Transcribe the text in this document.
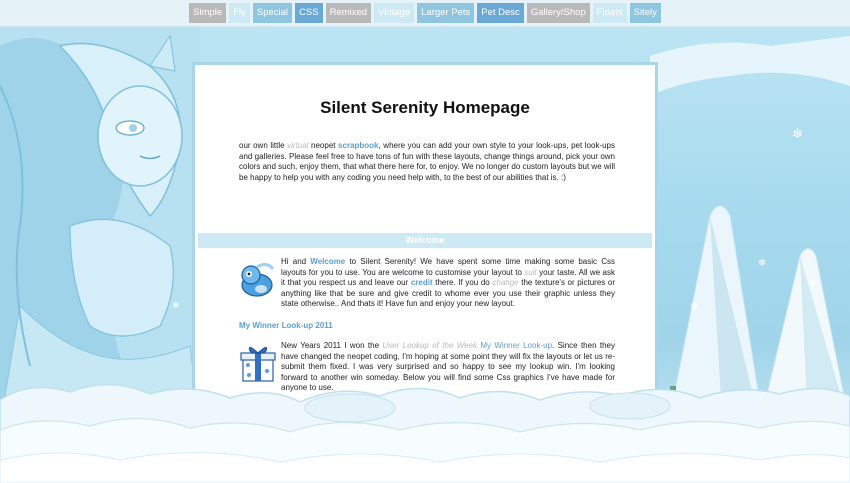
Simple	Fly	Special	CSS	Remixed	Vintage	Larger Pets	Pet Desc	Gallery/Shop	Floats	Sitely
❄
❄
❄
❄
❄
Silent Serenity Homepage
our own little virtual neopet scrapbook, where you can add your own style to your look-ups, pet look-ups and galleries. Please feel free to have tons of fun with these layouts, change things around, pick your own colors and such, enjoy them, that what there here for, to enjoy. We no longer do custom layouts but we will be happy to help you with any coding you need help with, to the best of our abilities that is. :)
Welcome
Hi and Welcome to Silent Serenity! We have spent some time making some basic Css layouts for you to use. You are welcome to customise your layout to suit your taste. All we ask it that you respect us and leave our credit there. If you do change the texture's or pictures or anything like that be sure and give credit to whome ever you use their graphic unless they state otherwise.. And thats it! Have fun and enjoy your new layout.
My Winner Look-up 2011
New Years 2011 I won the User Lookup of the Week My Winner Look-up. Since then they have changed the neopet coding, I'm hoping at some point they will fix the layouts or let us re-submit them fixed. I was very surprised and so happy to see my lookup win. I'm looking forward to another win someday. Below you will find some Css graphics I've have made for anyone to use.
